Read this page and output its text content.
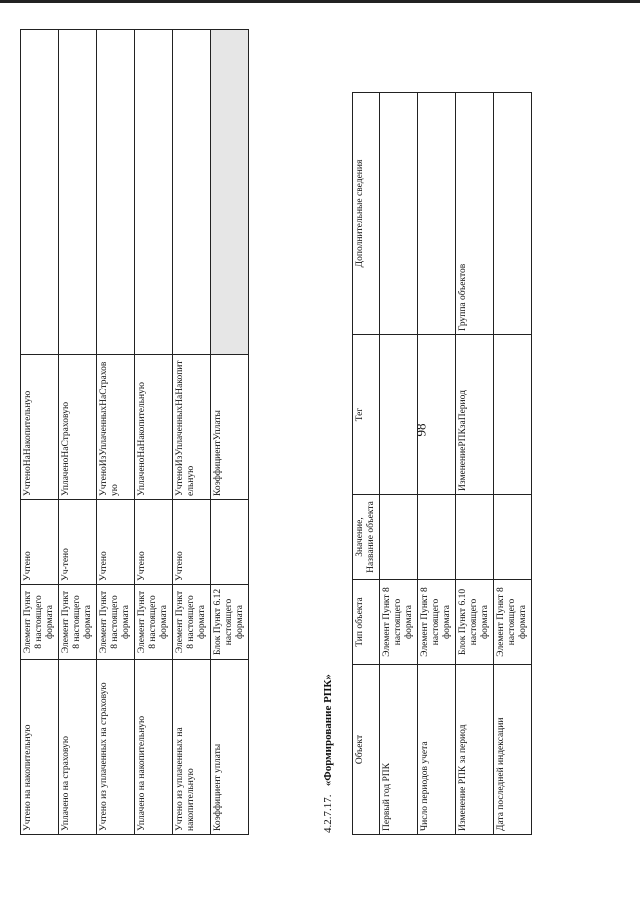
98
Учтено на накопительную	Элемент Пункт 8 настоящего формата	Учтено	УчтеноНаНакопительную	
Уплачено на страховую	Элемент Пункт 8 настоящего формата	Уч-тено	УплаченоНаСтраховую	
Учтено из уплаченных на страховую	Элемент Пункт 8 настоящего формата	Учтено	УчтеноИзУплаченныхНаСтраховую	
Уплачено на накопительную	Элемент Пункт 8 настоящего формата	Учтено	УплаченоНаНакопительную	
Учтено из уплаченных на накопительную	Элемент Пункт 8 настоящего формата	Учтено	УчтеноИзУплаченныхНаНакопительную	
Коэффициент уплаты	Блок Пункт 6.12 настоящего формата		КоэффициентУплаты	
4.2.7.17.   «Формирование РПК» Объект	Тип объекта	Значение, Название объекта	Тег	Дополнительные сведения
Первый год РПК	Элемент Пункт 8 настоящего формата			
Число периодов учета	Элемент Пункт 8 настоящего формата			
Изменение РПК за период	Блок Пункт 6.10 настоящего формата		ИзменениеРПКзаПериод	Группа объектов
Дата последней индексации	Элемент Пункт 8 настоящего формата			
